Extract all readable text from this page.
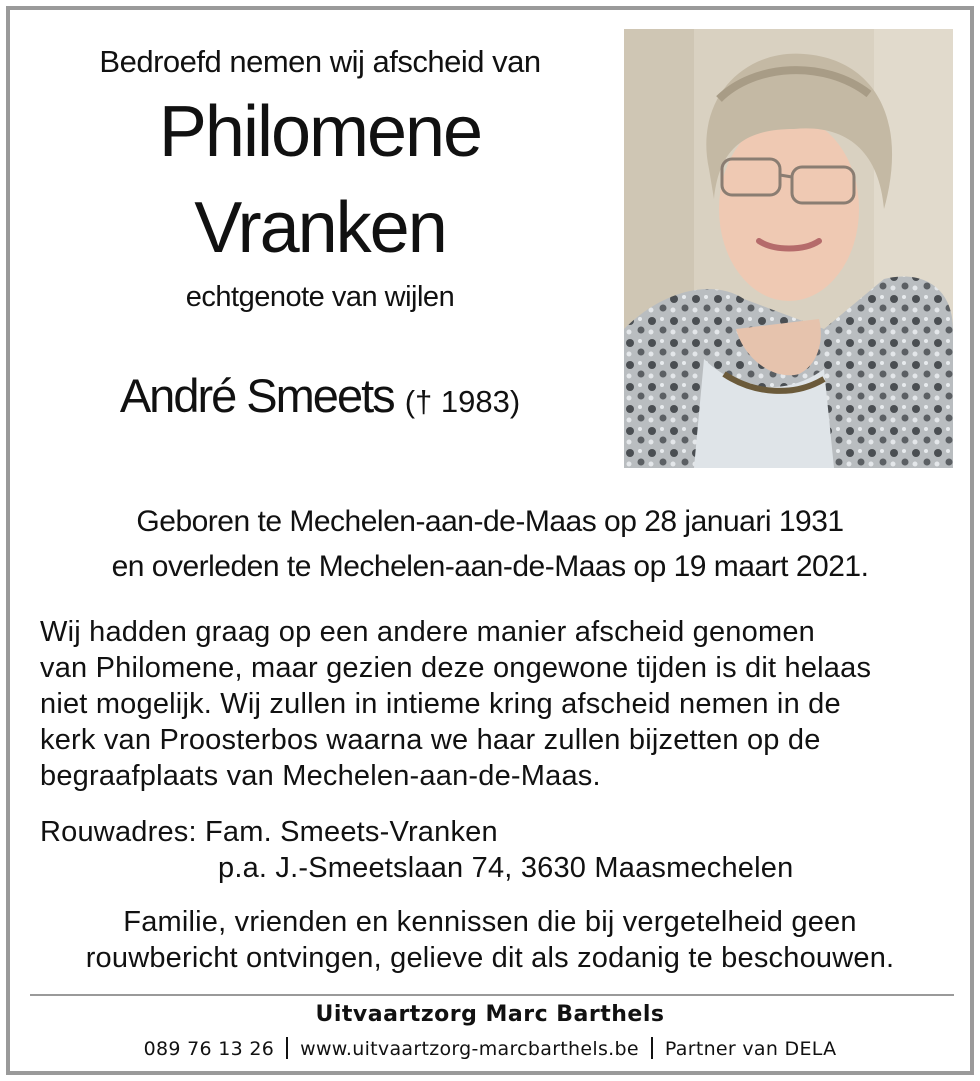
Bedroefd nemen wij afscheid van
Philomene
Vranken
echtgenote van wijlen
André Smeets († 1983)
Geboren te Mechelen-aan-de-Maas op 28 januari 1931
en overleden te Mechelen-aan-de-Maas op 19 maart 2021.
Wij hadden graag op een andere manier afscheid genomen
van Philomene, maar gezien deze ongewone tijden is dit helaas
niet mogelijk. Wij zullen in intieme kring afscheid nemen in de
kerk van Proosterbos waarna we haar zullen bijzetten op de
begraafplaats van Mechelen-aan-de-Maas.
Rouwadres: Fam. Smeets-Vranken
p.a. J.-Smeetslaan 74, 3630 Maasmechelen
Familie, vrienden en kennissen die bij vergetelheid geen
rouwbericht ontvingen, gelieve dit als zodanig te beschouwen.
Uitvaartzorg Marc Barthels
089 76 13 26 www.uitvaartzorg-marcbarthels.be Partner van DELA
